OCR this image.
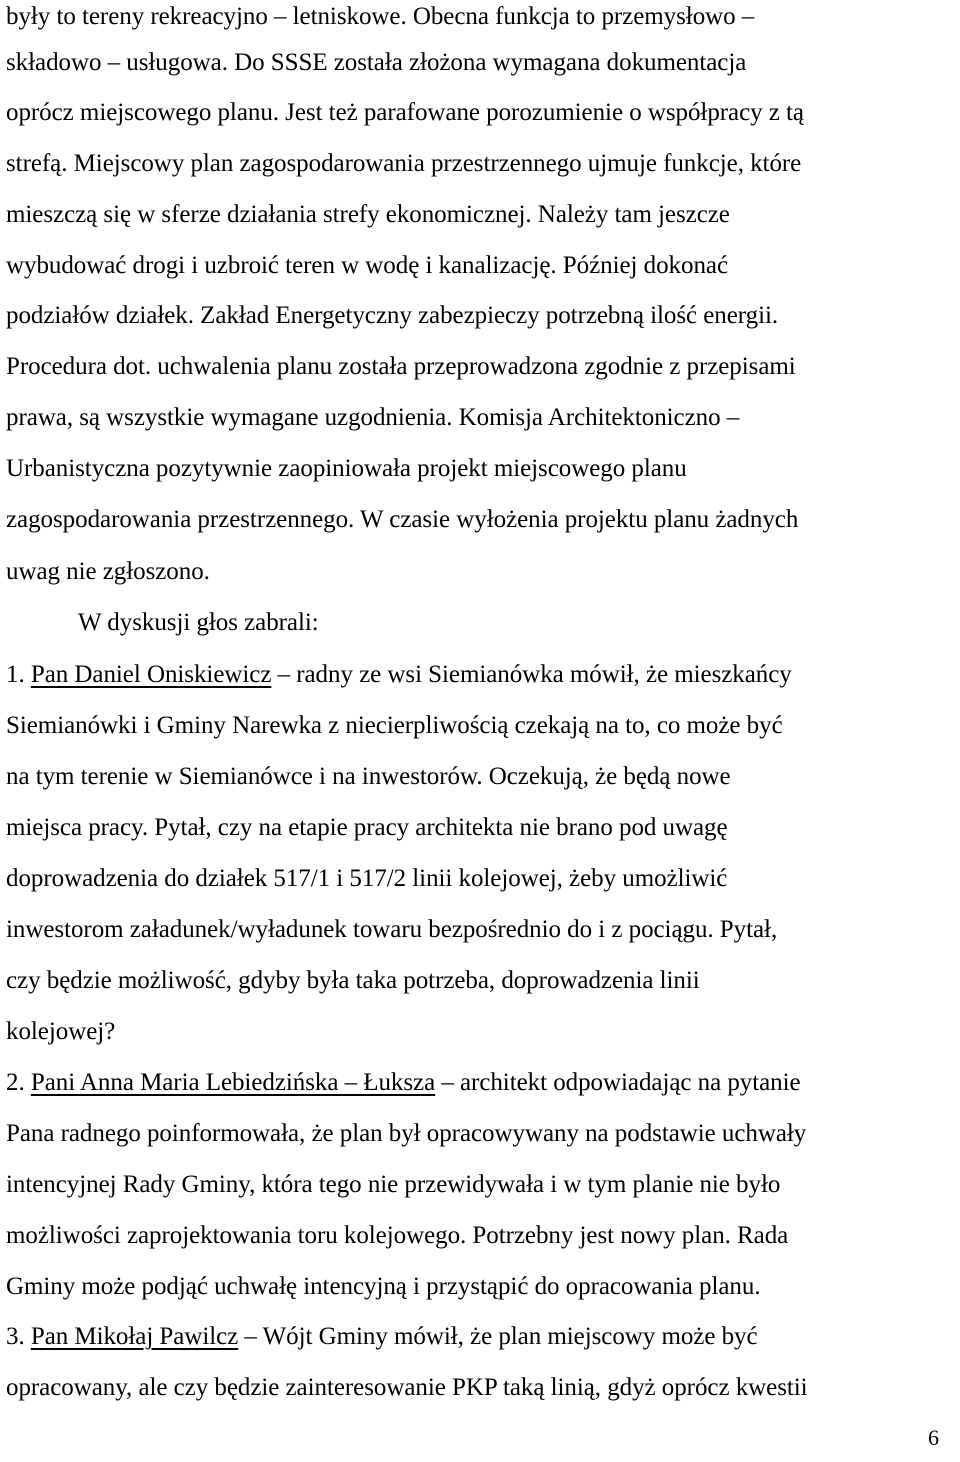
były to tereny rekreacyjno – letniskowe. Obecna funkcja to przemysłowo –
składowo – usługowa. Do SSSE została złożona wymagana dokumentacja
oprócz miejscowego planu. Jest też parafowane porozumienie o współpracy z tą
strefą. Miejscowy plan zagospodarowania przestrzennego ujmuje funkcje, które
mieszczą się w sferze działania strefy ekonomicznej. Należy tam jeszcze
wybudować drogi i uzbroić teren w wodę i kanalizację. Później dokonać
podziałów działek. Zakład Energetyczny zabezpieczy potrzebną ilość energii.
Procedura dot. uchwalenia planu została przeprowadzona zgodnie z przepisami
prawa, są wszystkie wymagane uzgodnienia. Komisja Architektoniczno –
Urbanistyczna pozytywnie zaopiniowała projekt miejscowego planu
zagospodarowania przestrzennego. W czasie wyłożenia projektu planu żadnych
uwag nie zgłoszono.
W dyskusji głos zabrali:
1. Pan Daniel Oniskiewicz – radny ze wsi Siemianówka mówił, że mieszkańcy
Siemianówki i Gminy Narewka z niecierpliwością czekają na to, co może być
na tym terenie w Siemianówce i na inwestorów. Oczekują, że będą nowe
miejsca pracy. Pytał, czy na etapie pracy architekta nie brano pod uwagę
doprowadzenia do działek 517/1 i 517/2 linii kolejowej, żeby umożliwić
inwestorom załadunek/wyładunek towaru bezpośrednio do i z pociągu. Pytał,
czy będzie możliwość, gdyby była taka potrzeba, doprowadzenia linii
kolejowej?
2. Pani Anna Maria Lebiedzińska – Łuksza – architekt odpowiadając na pytanie
Pana radnego poinformowała, że plan był opracowywany na podstawie uchwały
intencyjnej Rady Gminy, która tego nie przewidywała i w tym planie nie było
możliwości zaprojektowania toru kolejowego. Potrzebny jest nowy plan. Rada
Gminy może podjąć uchwałę intencyjną i przystąpić do opracowania planu.
3. Pan Mikołaj Pawilcz – Wójt Gminy mówił, że plan miejscowy może być
opracowany, ale czy będzie zainteresowanie PKP taką linią, gdyż oprócz kwestii
6
